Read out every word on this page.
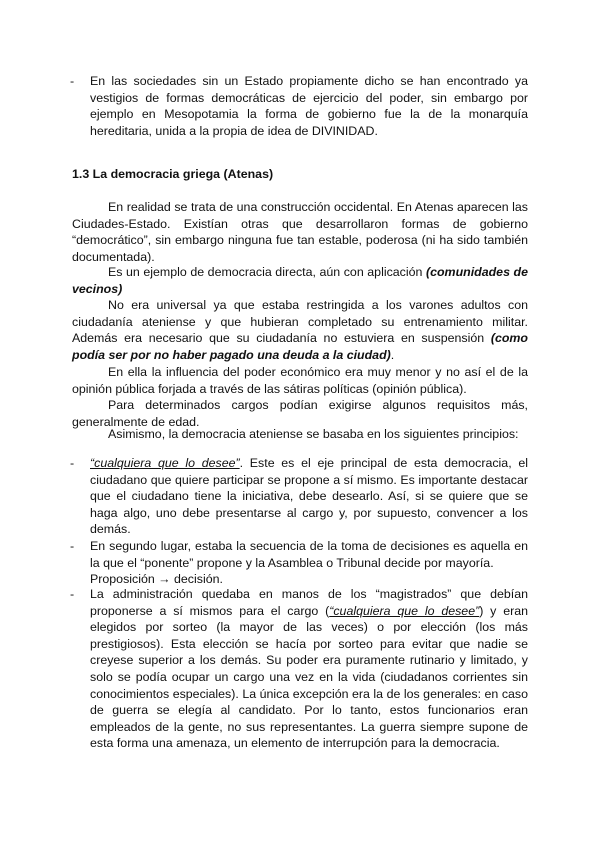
- En las sociedades sin un Estado propiamente dicho se han encontrado ya vestigios de formas democráticas de ejercicio del poder, sin embargo por ejemplo en Mesopotamia la forma de gobierno fue la de la monarquía hereditaria, unida a la propia de idea de DIVINIDAD.
1.3 La democracia griega (Atenas)
En realidad se trata de una construcción occidental. En Atenas aparecen las Ciudades-Estado. Existían otras que desarrollaron formas de gobierno “democrático”, sin embargo ninguna fue tan estable, poderosa (ni ha sido también documentada).
Es un ejemplo de democracia directa, aún con aplicación (comunidades de vecinos)
No era universal ya que estaba restringida a los varones adultos con ciudadanía ateniense y que hubieran completado su entrenamiento militar. Además era necesario que su ciudadanía no estuviera en suspensión (como podía ser por no haber pagado una deuda a la ciudad).
En ella la influencia del poder económico era muy menor y no así el de la opinión pública forjada a través de las sátiras políticas (opinión pública).
Para determinados cargos podían exigirse algunos requisitos más, generalmente de edad.
Asimismo, la democracia ateniense se basaba en los siguientes principios:
- “cualquiera que lo desee”. Este es el eje principal de esta democracia, el ciudadano que quiere participar se propone a sí mismo. Es importante destacar que el ciudadano tiene la iniciativa, debe desearlo. Así, si se quiere que se haga algo, uno debe presentarse al cargo y, por supuesto, convencer a los demás.
- En segundo lugar, estaba la secuencia de la toma de decisiones es aquella en la que el “ponente” propone y la Asamblea o Tribunal decide por mayoría.
Proposición → decisión.
- La administración quedaba en manos de los “magistrados” que debían proponerse a sí mismos para el cargo (“cualquiera que lo desee”) y eran elegidos por sorteo (la mayor de las veces) o por elección (los más prestigiosos). Esta elección se hacía por sorteo para evitar que nadie se creyese superior a los demás. Su poder era puramente rutinario y limitado, y solo se podía ocupar un cargo una vez en la vida (ciudadanos corrientes sin conocimientos especiales). La única excepción era la de los generales: en caso de guerra se elegía al candidato. Por lo tanto, estos funcionarios eran empleados de la gente, no sus representantes. La guerra siempre supone de esta forma una amenaza, un elemento de interrupción para la democracia.
